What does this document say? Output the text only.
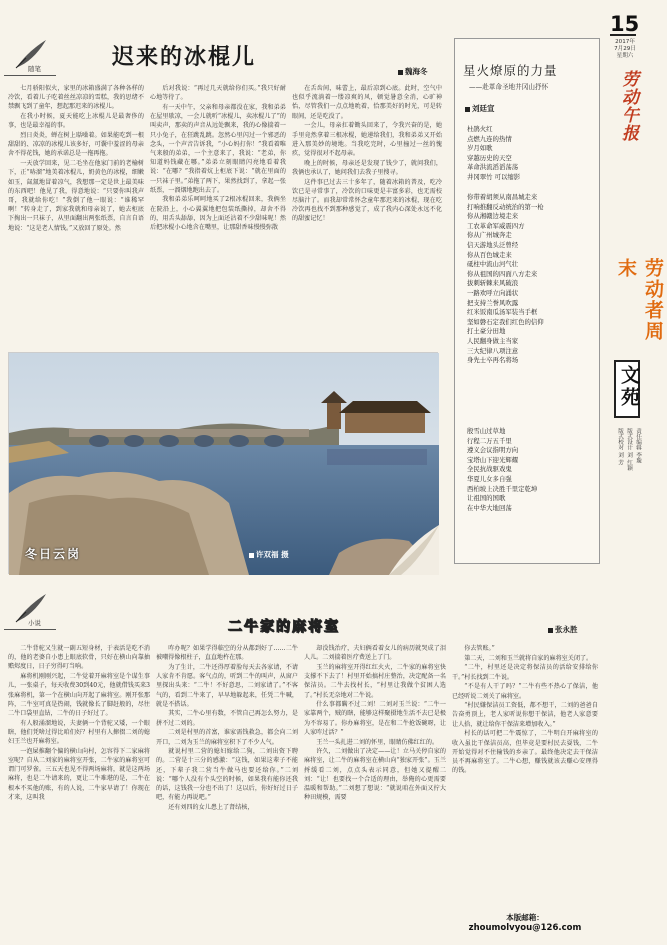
15
2017年
7月29日
星期六
劳动午报
劳动者周末
文苑
责任编辑 李璇
版式设计 刘 红颖
版式校对 刘 芳
随笔	迟来的冰棍儿
魏海冬

七月骄阳似火，家里的冰箱盛满了各种各样的冷饮，看着儿子吃着丝丝凉凉的雪糕，我的思绪不禁飘飞到了童年，想起那迟来的冰棍儿。

在我小时候，夏天能吃上冰棍儿是最奢侈的事，也是最幸福的事。

烈日炎炎，蝉在树上聒噪着。如果能吃到一根甜甜的、凉凉的冰棍儿该多好，可囊中羞涩的母亲舍不得花钱，她的承诺总是一拖再拖。

一天放学回来，见二毛坐在他家门前的老榆树下，正“哧溜”地美着冰棍儿，奶黄色的冰棍，细嫩如玉，氤氲地冒着凉气，我想那一定是世上最美味的东西吧！他见了我，得意地说：“只要你叫我声哥，我就给你吃！”我倒了他一眼说：“谁稀罕啊！”转身走了，到家我就和母亲说了，她去柜底下掏出一只袜子，从里面翻出两张纸票，自言自语地说：“这是老人情钱。”又放回了原处。然

后对我说：“再过几天就给你们买。”我只好耐心地等待了。

有一天中午，父亲和母亲都没在家，我和弟弟在屋里歇凉，一会儿就听“冰棍儿，卖冰棍儿了”的叫卖声，那卖的声音从远处飘来，我的心像揣着一只小兔子，在狂跳乱跳。忽然心里闪过一个邪恶的念头，一个声音告诉我，“小心妈打你！”我看着唯气来般的弟弟，一个主意来了，我说：“老弟，你知道妈钱藏在哪。”弟弟立刻眼睛闪亮地看着我说：“在哪？”我指着炕上柜底下说：“就在里面的一只袜子里。”弟拖了两下，果然找到了，拿起一张纸票，一溜烟地跑出去了。

我和弟弟乐呵呵地买了2根冰棍回来，我俩坐在院沿上，小心翼翼地把包装纸撕掉，却舍不得的，用舌头舔舔，因为上面还沾着不少甜味呢！然后把冰棍小心地含在嘴里，让那甜香味慢慢弥散

在舌齿间，味蕾上，最后凉到心底。此时，空气中也似乎流淌着一缕凉爽的风，顿觉暑意全消，心旷神怡，尽管我们一点点地吮着，恰那美好的时光，可是转眼间，还是吃没了。

一会儿，母亲扛着锄头回来了，令我兴奋的是，她手里竟然拿着三根冰棍，她递给我们，我和弟弟又开始进入那美妙的境地。当我吃完时，心里撞过一丝的愧疚，觉得很对不起母亲。

晚上的时候，母亲还是发现了钱少了，就问我们，我俩也承认了，她问我们去我子里搜寻。

这件事已过去三十多年了，随着冰箱的普及，吃冷饮已是寻常事了，冷饮的口味更是丰富多彩，也无需校尽脑汁了。而我却常常怀念童年那迟来的冰棍，现在吃冷饮再也找不到那种感觉了，成了我内心深处永远不化的甜蜜记忆！

星火燎原的力量
——赴革命圣地井冈山抒怀
刘廷宣
杜鹃火红
点燃九连的热情
岁月如歌
穿越历史的天空
革命洪流滔滔荡荡
井冈翠竹 可以缩影
你带着胡须从南昌城走来
打响推翻反动统治的第一枪
你从湘赣边境走来
工农革命军威震四方
你从广州城奔走
信天游地头泛曾经
你从百色城走来
砥柱中流山河气壮
你从祖国的四面八方走来
拔刺斩棘来风破浪
一路欢呼立向涌状
把支持兰誉风吹露
红米饭南瓜汤军装当手框
坚如磐石定我们红色的信仰
打土豪分田地
人民翻身做主当家
三大纪律八项注意
身先士卒再名将场
殷雪山过草地
行程二万五千里
遵义会议指明方向
宝塔山下迎光辉耀
全民抗战驱戏鬼
华夏儿女多自强
西柏坡上决胜千里定乾坤
让祖国的国歌
在中华大地回荡
冬日云岗	许双福 摄
小说	二牛家的麻将室	张永胜

二牛背驼又生就一副五短身材，于表活是吃不消的，他的老婆自小患上眼底软骨，只好在横山向靠抽赡烬度日，日子穷得叮当响。

麻将机刚刚兴起，二牛觉着开麻将室是个谋生事儿，一张桌子，每天收费30到40元，他就借钱买来3张麻将机，第一个在横山向开起了麻将室。刚开张那阵，二牛室可真是热闹，钱就像长了脚赶般的，尽往二牛口袋里直钻，二牛的日子好过了。

有人般涌溜地说，夫妻俩一个背驼又矮，一个眼瞎，他们凭啥过得比咱们好？村里有人撺掇二刘的媳妇王兰也开麻将室。

一泡屎推翻个偏的横山向村，怎容得下二家麻将室呢？自从二刘家的麻将室开张，二牛家的麻将室可谓门可罗雀。三五天也见不得两场麻将，就是这两场麻将，也是二牛请来的，更让二牛难堪的是，二牛在根本不买他的账，有的人说，二牛家早请了！你现在才来，这叫我

咋办呢？如果学得临空的分从都到好了……二牛被嘲得像根柱子，直直地杵在那。

为了生计，二牛还得厚着脸每天去各家请，不请人家肯不肯愿。客气点的，听到二牛的叫声，从窗户里探出头来：“二牛！不好意思，二刘家请了。”不客气的，看到二牛来了，早早地躲起来，任凭二牛喊，就是不搭话。

其实，二牛心里有数，不管自己再怎么努力，是拼不过二刘的。

二刘是村里的首富，谁家需钱救急，都会向二刘开口，二刘为玉兰的麻将室积下了不少人气。

就说村里二营的媳妇嫁给二狗，二刘出资下聘的。二营是十三分的感激：“这钱，如果这辈子不能还，下辈子我二营当牛做马也要还给你。”二刘说：“哪个人没有个头空的时候，如果我有能你还我的话，这钱我一分也不出了！这以后，你好好过日子吧，有能力再说吧。”

还有刘四的女儿患上了肾结核，

却没钱治疗，夫妇俩看着女儿的病历就哭成了泪人儿。二刘揣着医疗费送上了门。

玉兰的麻将室开得红红火火，二牛家的麻将室快支撑不下去了！村里开始搞村庄整治，决定配备一名保洁员。二牛去找村长，“村里让我做个贫困人选了。”村长无奈地对二牛说。

什么事都瞒不过二刘！二刘对玉兰说：“二牛一家靠两个，贼的瞎，能够这样聚摄地生活不去已是极为不容易了。你办麻将室，是在和二牛抢饭碗呀，让人家咋过活？”

王兰一头扎进二刘的怀里，眼睛仿佛红红的。

许久，二刘做出了决定——让！立马关停自家的麻将室，让二牛的麻将室在横山向“独家开张”。玉兰捋缓看二刘，点点头表示同意，但她又提醒二刘：“让！也要找一个合适的理由，举俺的心更需要温暖和帮助。”二刘想了想说：“就说咱在外面又拧大种田规模，需要

你去管账。”

第二天，二刘和玉兰就将自家的麻将室关闭了。

“二牛，村里还是决定将保洁员的活给安排给你干。”村长找到二牛说。

“不是有人干了吗？”二牛有些不热心了保洁，他已经听说二刘关了麻将室。

“村民嫌保洁员工资低，都不想干，二刘的爸爸自告奋勇顶上，老人家听说你想干保洁，他老人家意要让人拾，就让给你干保洁来增加收入。”

村长的话可把二牛震惊了，二牛明白开麻将室的收入虽比干保洁员高，但毕竟是要村民去耍钱，二牛开始觉得对不住输钱的乡亲了。最终他决定去干保洁员不再麻将室了。二牛心想，赚钱就该去赚心安理得的钱。

本版邮箱：
zhoumolvyou@126.com
